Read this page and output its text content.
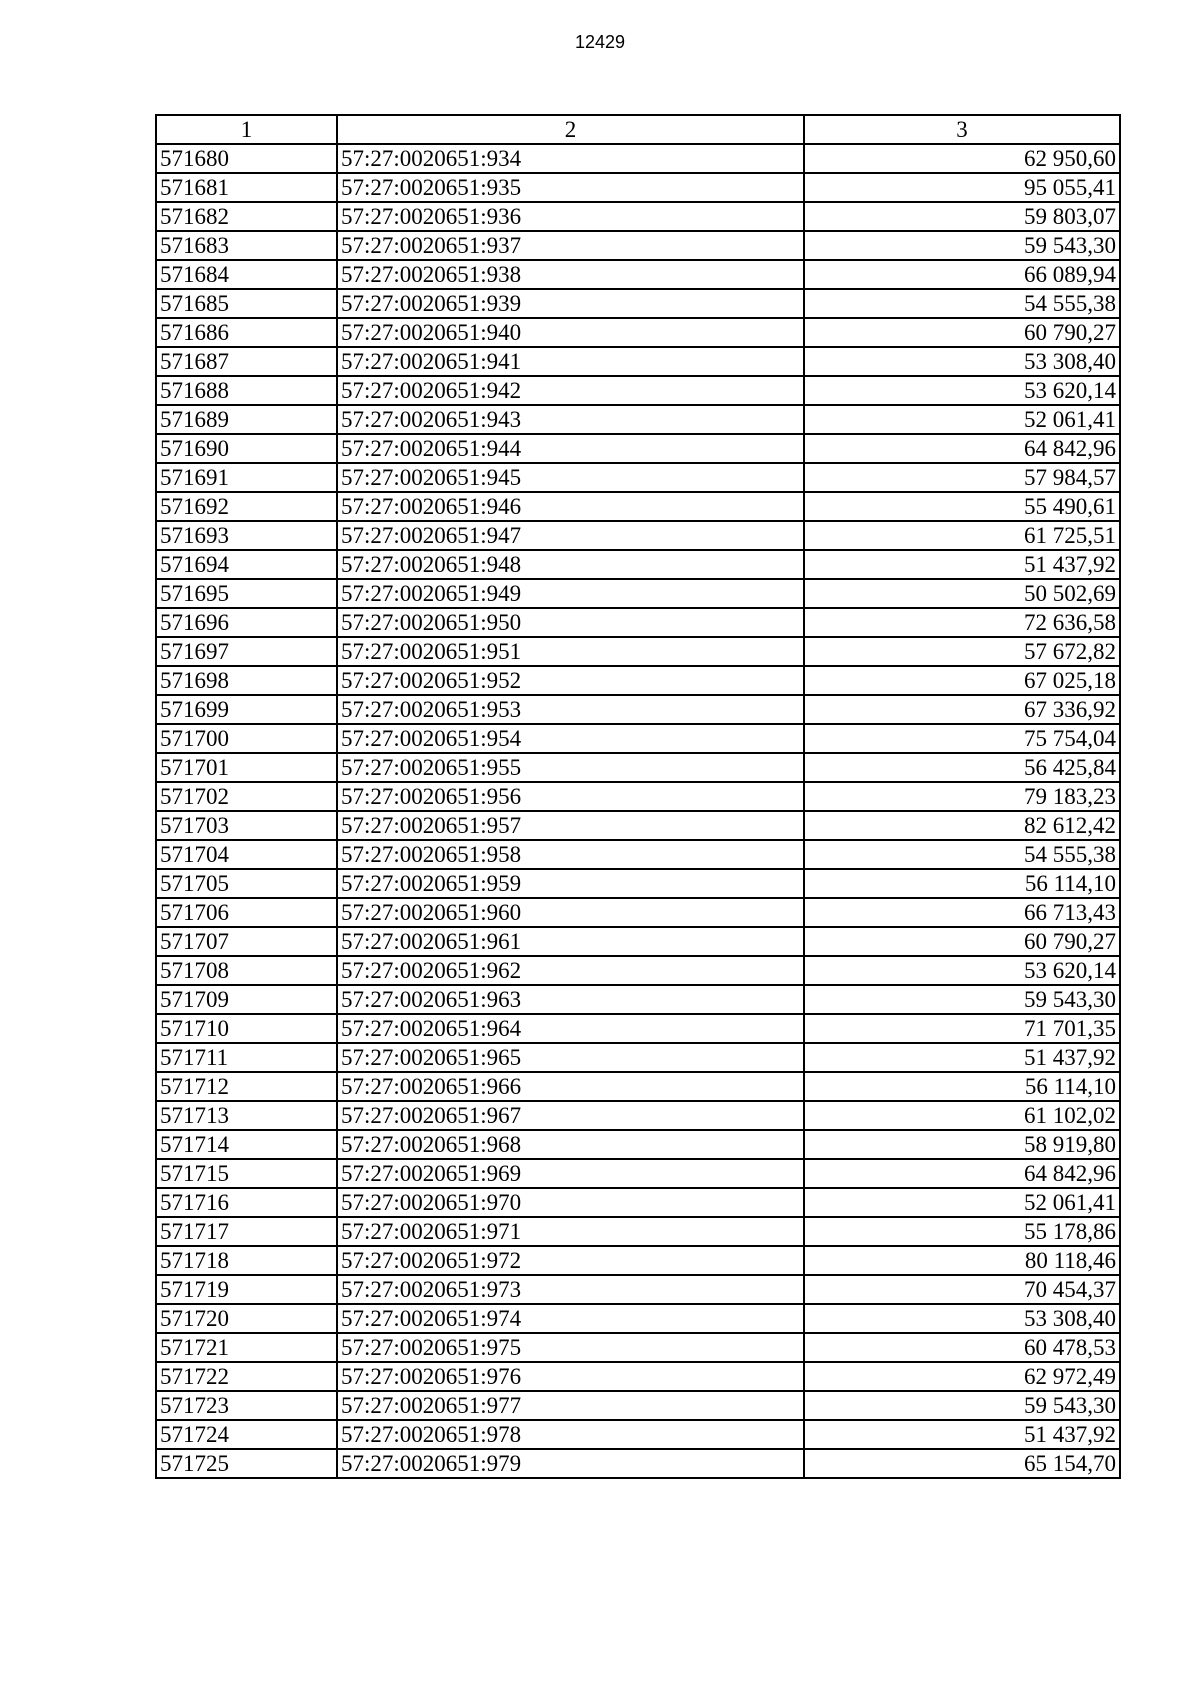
12429
1	2	3
571680	57:27:0020651:934	62 950,60
571681	57:27:0020651:935	95 055,41
571682	57:27:0020651:936	59 803,07
571683	57:27:0020651:937	59 543,30
571684	57:27:0020651:938	66 089,94
571685	57:27:0020651:939	54 555,38
571686	57:27:0020651:940	60 790,27
571687	57:27:0020651:941	53 308,40
571688	57:27:0020651:942	53 620,14
571689	57:27:0020651:943	52 061,41
571690	57:27:0020651:944	64 842,96
571691	57:27:0020651:945	57 984,57
571692	57:27:0020651:946	55 490,61
571693	57:27:0020651:947	61 725,51
571694	57:27:0020651:948	51 437,92
571695	57:27:0020651:949	50 502,69
571696	57:27:0020651:950	72 636,58
571697	57:27:0020651:951	57 672,82
571698	57:27:0020651:952	67 025,18
571699	57:27:0020651:953	67 336,92
571700	57:27:0020651:954	75 754,04
571701	57:27:0020651:955	56 425,84
571702	57:27:0020651:956	79 183,23
571703	57:27:0020651:957	82 612,42
571704	57:27:0020651:958	54 555,38
571705	57:27:0020651:959	56 114,10
571706	57:27:0020651:960	66 713,43
571707	57:27:0020651:961	60 790,27
571708	57:27:0020651:962	53 620,14
571709	57:27:0020651:963	59 543,30
571710	57:27:0020651:964	71 701,35
571711	57:27:0020651:965	51 437,92
571712	57:27:0020651:966	56 114,10
571713	57:27:0020651:967	61 102,02
571714	57:27:0020651:968	58 919,80
571715	57:27:0020651:969	64 842,96
571716	57:27:0020651:970	52 061,41
571717	57:27:0020651:971	55 178,86
571718	57:27:0020651:972	80 118,46
571719	57:27:0020651:973	70 454,37
571720	57:27:0020651:974	53 308,40
571721	57:27:0020651:975	60 478,53
571722	57:27:0020651:976	62 972,49
571723	57:27:0020651:977	59 543,30
571724	57:27:0020651:978	51 437,92
571725	57:27:0020651:979	65 154,70
